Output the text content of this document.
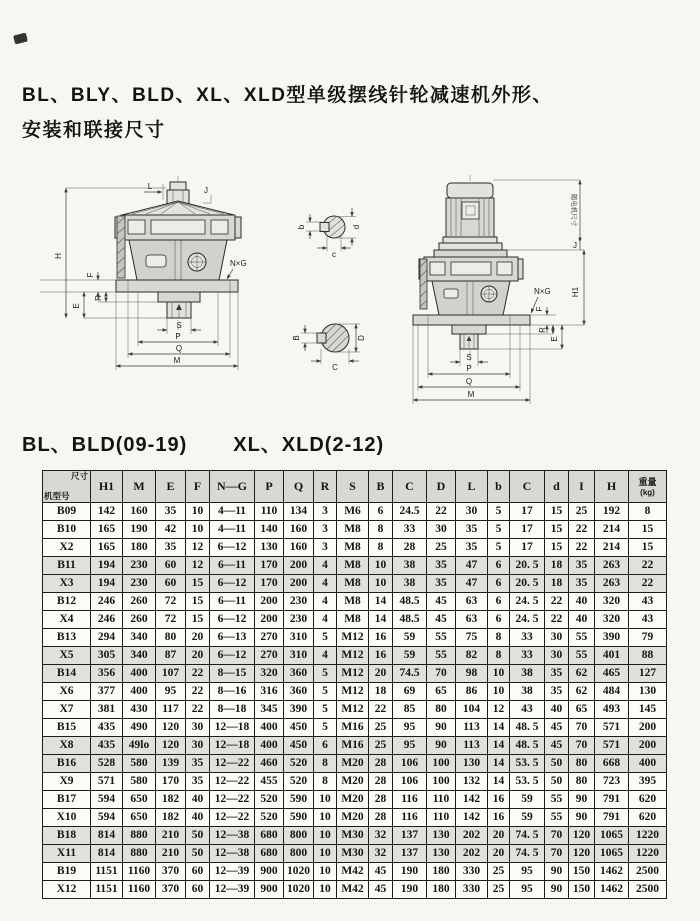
BL、BLY、BLD、XL、XLD型单级摆线针轮减速机外形、
安装和联接尺寸
L	J
H
F
R
E
N×G
S
P
Q
M
b	d
c
B	D
C
随电机尺寸
J
H1
N×G
F
R
E
S
P
Q
M
BL、BLD(09-19) XL、XLD(2-12)
尺寸
机型号	H1	M	E	F	N—G	P	Q	R	S	B	C	D	L	b	C	d	I	H	重量
(kg)

B09	142	160	35	10	4—11	110	134	3	M6	6	24.5	22	30	5	17	15	25	192	8
B10	165	190	42	10	4—11	140	160	3	M8	8	33	30	35	5	17	15	22	214	15
X2	165	180	35	12	6—12	130	160	3	M8	8	28	25	35	5	17	15	22	214	15
B11	194	230	60	12	6—11	170	200	4	M8	10	38	35	47	6	20. 5	18	35	263	22
X3	194	230	60	15	6—12	170	200	4	M8	10	38	35	47	6	20. 5	18	35	263	22
B12	246	260	72	15	6—11	200	230	4	M8	14	48.5	45	63	6	24. 5	22	40	320	43
X4	246	260	72	15	6—12	200	230	4	M8	14	48.5	45	63	6	24. 5	22	40	320	43
B13	294	340	80	20	6—13	270	310	5	M12	16	59	55	75	8	33	30	55	390	79
X5	305	340	87	20	6—12	270	310	4	M12	16	59	55	82	8	33	30	55	401	88
B14	356	400	107	22	8—15	320	360	5	M12	20	74.5	70	98	10	38	35	62	465	127
X6	377	400	95	22	8—16	316	360	5	M12	18	69	65	86	10	38	35	62	484	130
X7	381	430	117	22	8—18	345	390	5	M12	22	85	80	104	12	43	40	65	493	145
B15	435	490	120	30	12—18	400	450	5	M16	25	95	90	113	14	48. 5	45	70	571	200
X8	435	49lo	120	30	12—18	400	450	6	M16	25	95	90	113	14	48. 5	45	70	571	200
B16	528	580	139	35	12—22	460	520	8	M20	28	106	100	130	14	53. 5	50	80	668	400
X9	571	580	170	35	12—22	455	520	8	M20	28	106	100	132	14	53. 5	50	80	723	395
B17	594	650	182	40	12—22	520	590	10	M20	28	116	110	142	16	59	55	90	791	620
X10	594	650	182	40	12—22	520	590	10	M20	28	116	110	142	16	59	55	90	791	620
B18	814	880	210	50	12—38	680	800	10	M30	32	137	130	202	20	74. 5	70	120	1065	1220
X11	814	880	210	50	12—38	680	800	10	M30	32	137	130	202	20	74. 5	70	120	1065	1220
B19	1151	1160	370	60	12—39	900	1020	10	M42	45	190	180	330	25	95	90	150	1462	2500
X12	1151	1160	370	60	12—39	900	1020	10	M42	45	190	180	330	25	95	90	150	1462	2500
